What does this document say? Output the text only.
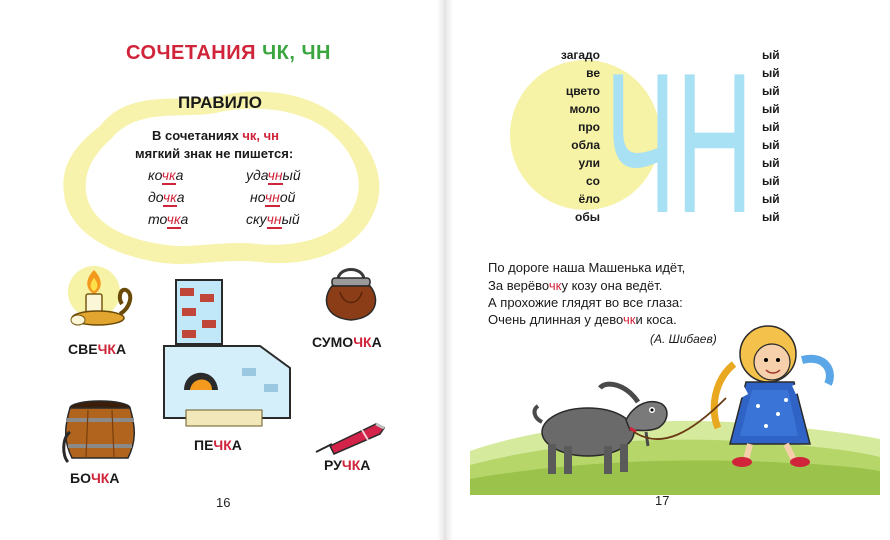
СОЧЕТАНИЯ ЧК, ЧН
ПРАВИЛО
В сочетаниях чк, чн
мягкий знак не пишется:
кочка
дочка
точка
удачный
ночной
скучный
СВЕЧКА
ПЕЧКА
СУМОЧКА
БОЧКА
РУЧКА
16
ЧН
загадо
ве
цвето
моло
про
обла
ули
со
ёло
обы
ый
ый
ый
ый
ый
ый
ый
ый
ый
ый
По дороге наша Машенька идёт,
За верёвочку козу она ведёт.
А прохожие глядят во все глаза:
Очень длинная у девочки коса.
(А. Шибаев)
17
